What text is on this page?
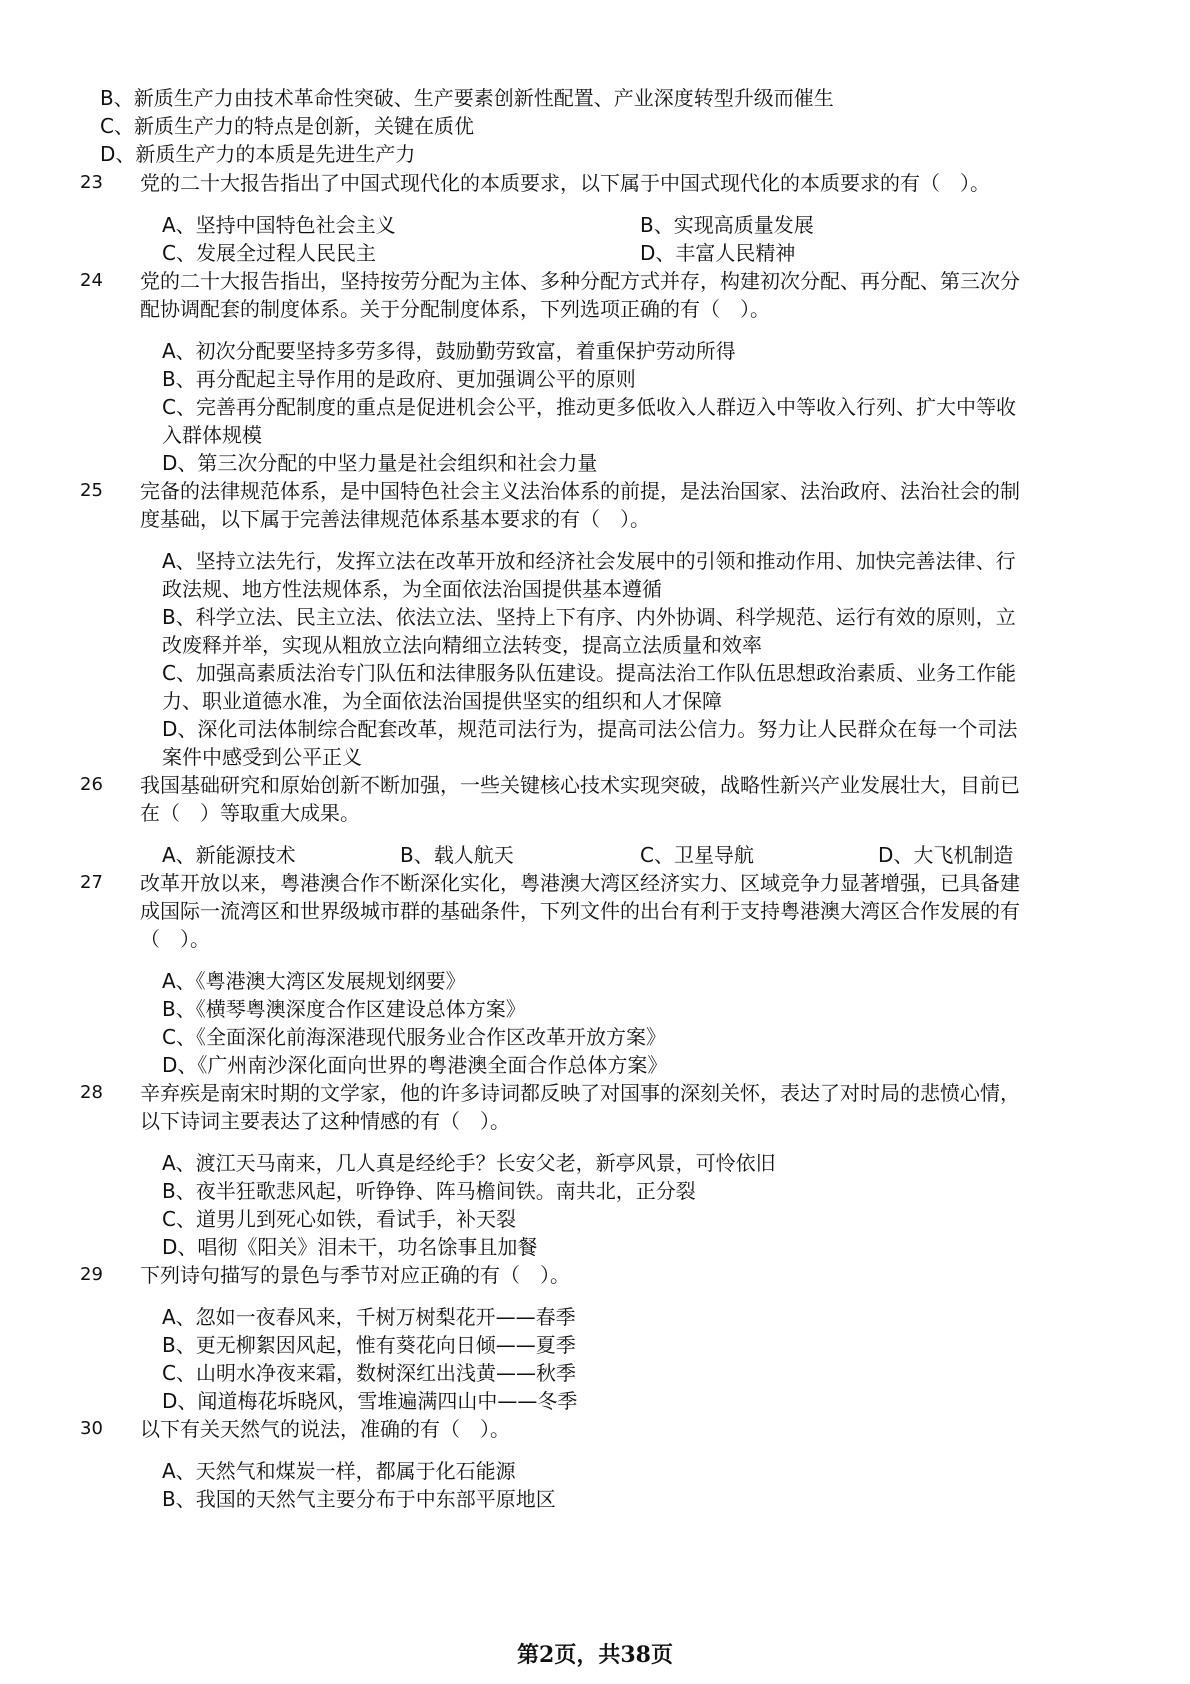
B、新质生产力由技术革命性突破、生产要素创新性配置、产业深度转型升级而催生
C、新质生产力的特点是创新，关键在质优
D、新质生产力的本质是先进生产力
23 党的二十大报告指出了中国式现代化的本质要求，以下属于中国式现代化的本质要求的有（　）。
A、坚持中国特色社会主义	B、实现高质量发展
C、发展全过程人民民主	D、丰富人民精神
24 党的二十大报告指出，坚持按劳分配为主体、多种分配方式并存，构建初次分配、再分配、第三次分
配协调配套的制度体系。关于分配制度体系，下列选项正确的有（　）。
A、初次分配要坚持多劳多得，鼓励勤劳致富，着重保护劳动所得
B、再分配起主导作用的是政府、更加强调公平的原则
C、完善再分配制度的重点是促进机会公平，推动更多低收入人群迈入中等收入行列、扩大中等收
入群体规模
D、第三次分配的中坚力量是社会组织和社会力量
25 完备的法律规范体系，是中国特色社会主义法治体系的前提，是法治国家、法治政府、法治社会的制
度基础，以下属于完善法律规范体系基本要求的有（　）。
A、坚持立法先行，发挥立法在改革开放和经济社会发展中的引领和推动作用、加快完善法律、行
政法规、地方性法规体系，为全面依法治国提供基本遵循
B、科学立法、民主立法、依法立法、坚持上下有序、内外协调、科学规范、运行有效的原则，立
改废释并举，实现从粗放立法向精细立法转变，提高立法质量和效率
C、加强高素质法治专门队伍和法律服务队伍建设。提高法治工作队伍思想政治素质、业务工作能
力、职业道德水准，为全面依法治国提供坚实的组织和人才保障
D、深化司法体制综合配套改革，规范司法行为，提高司法公信力。努力让人民群众在每一个司法
案件中感受到公平正义
26 我国基础研究和原始创新不断加强，一些关键核心技术实现突破，战略性新兴产业发展壮大，目前已
在（　）等取重大成果。
A、新能源技术	B、载人航天	C、卫星导航	D、大飞机制造
27 改革开放以来，粤港澳合作不断深化实化，粤港澳大湾区经济实力、区域竞争力显著增强，已具备建
成国际一流湾区和世界级城市群的基础条件，下列文件的出台有利于支持粤港澳大湾区合作发展的有
（　）。
A、《粤港澳大湾区发展规划纲要》
B、《横琴粤澳深度合作区建设总体方案》
C、《全面深化前海深港现代服务业合作区改革开放方案》
D、《广州南沙深化面向世界的粤港澳全面合作总体方案》
28 辛弃疾是南宋时期的文学家，他的许多诗词都反映了对国事的深刻关怀，表达了对时局的悲愤心情，
以下诗词主要表达了这种情感的有（　）。
A、渡江天马南来，几人真是经纶手？长安父老，新亭风景，可怜依旧
B、夜半狂歌悲风起，听铮铮、阵马檐间铁。南共北，正分裂
C、道男儿到死心如铁，看试手，补天裂
D、唱彻《阳关》泪未干，功名馀事且加餐
29 下列诗句描写的景色与季节对应正确的有（　）。
A、忽如一夜春风来，千树万树梨花开——春季
B、更无柳絮因风起，惟有葵花向日倾——夏季
C、山明水净夜来霜，数树深红出浅黄——秋季
D、闻道梅花坼晓风，雪堆遍满四山中——冬季
30 以下有关天然气的说法，准确的有（　）。
A、天然气和煤炭一样，都属于化石能源
B、我国的天然气主要分布于中东部平原地区
第2页，共38页
